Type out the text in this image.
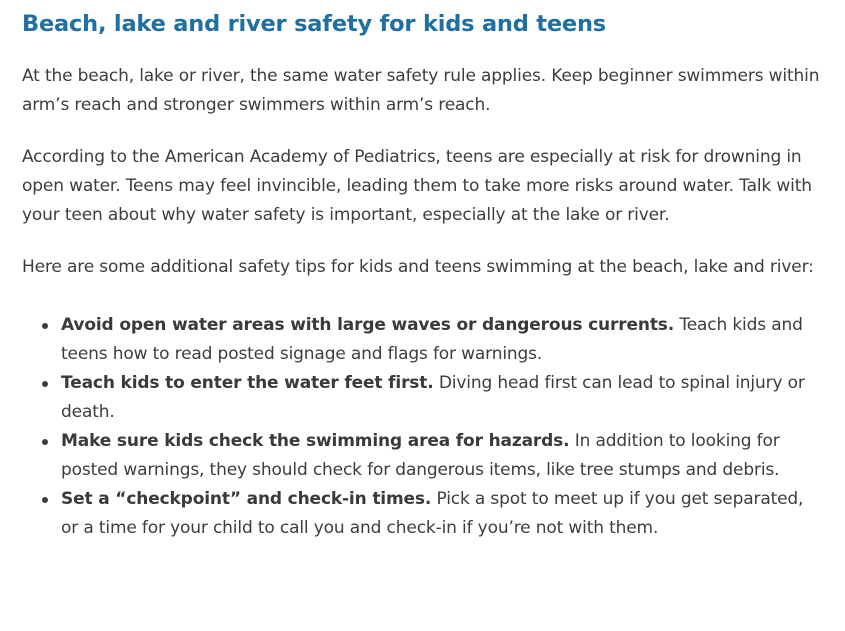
Beach, lake and river safety for kids and teens

At the beach, lake or river, the same water safety rule applies. Keep beginner swimmers within arm’s reach and stronger swimmers within arm’s reach.

According to the American Academy of Pediatrics, teens are especially at risk for drowning in open water. Teens may feel invincible, leading them to take more risks around water. Talk with your teen about why water safety is important, especially at the lake or river.

Here are some additional safety tips for kids and teens swimming at the beach, lake and river:

Avoid open water areas with large waves or dangerous currents. Teach kids and teens how to read posted signage and flags for warnings.
Teach kids to enter the water feet first. Diving head first can lead to spinal injury or death.
Make sure kids check the swimming area for hazards. In addition to looking for posted warnings, they should check for dangerous items, like tree stumps and debris.
Set a “checkpoint” and check-in times. Pick a spot to meet up if you get separated, or a time for your child to call you and check-in if you’re not with them.
